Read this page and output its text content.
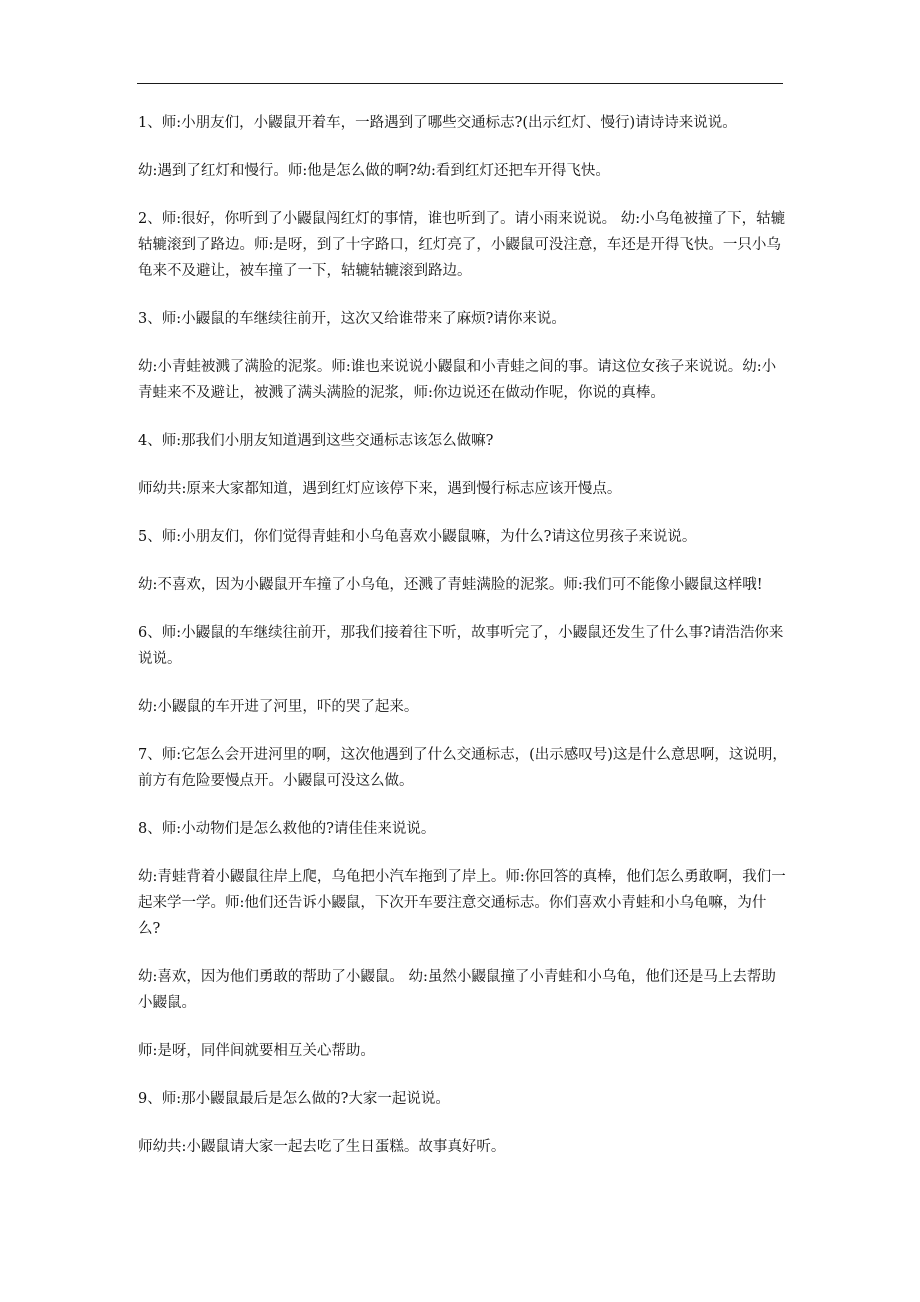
1、师:小朋友们，小鼹鼠开着车，一路遇到了哪些交通标志?(出示红灯、慢行)请诗诗来说说。

幼:遇到了红灯和慢行。师:他是怎么做的啊?幼:看到红灯还把车开得飞快。

2、师:很好，你听到了小鼹鼠闯红灯的事情，谁也听到了。请小雨来说说。 幼:小乌龟被撞了下，轱辘轱辘滚到了路边。师:是呀，到了十字路口，红灯亮了，小鼹鼠可没注意，车还是开得飞快。一只小乌龟来不及避让，被车撞了一下，轱辘轱辘滚到路边。

3、师:小鼹鼠的车继续往前开，这次又给谁带来了麻烦?请你来说。

幼:小青蛙被溅了满脸的泥浆。师:谁也来说说小鼹鼠和小青蛙之间的事。请这位女孩子来说说。幼:小青蛙来不及避让，被溅了满头满脸的泥浆，师:你边说还在做动作呢，你说的真棒。

4、师:那我们小朋友知道遇到这些交通标志该怎么做嘛?

师幼共:原来大家都知道，遇到红灯应该停下来，遇到慢行标志应该开慢点。

5、师:小朋友们，你们觉得青蛙和小乌龟喜欢小鼹鼠嘛，为什么?请这位男孩子来说说。

幼:不喜欢，因为小鼹鼠开车撞了小乌龟，还溅了青蛙满脸的泥浆。师:我们可不能像小鼹鼠这样哦!

6、师:小鼹鼠的车继续往前开，那我们接着往下听，故事听完了，小鼹鼠还发生了什么事?请浩浩你来说说。

幼:小鼹鼠的车开进了河里，吓的哭了起来。

7、师:它怎么会开进河里的啊，这次他遇到了什么交通标志，(出示感叹号)这是什么意思啊，这说明，前方有危险要慢点开。小鼹鼠可没这么做。

8、师:小动物们是怎么救他的?请佳佳来说说。

幼:青蛙背着小鼹鼠往岸上爬，乌龟把小汽车拖到了岸上。师:你回答的真棒，他们怎么勇敢啊，我们一起来学一学。师:他们还告诉小鼹鼠，下次开车要注意交通标志。你们喜欢小青蛙和小乌龟嘛，为什么?

幼:喜欢，因为他们勇敢的帮助了小鼹鼠。 幼:虽然小鼹鼠撞了小青蛙和小乌龟，他们还是马上去帮助小鼹鼠。

师:是呀，同伴间就要相互关心帮助。

9、师:那小鼹鼠最后是怎么做的?大家一起说说。

师幼共:小鼹鼠请大家一起去吃了生日蛋糕。故事真好听。
